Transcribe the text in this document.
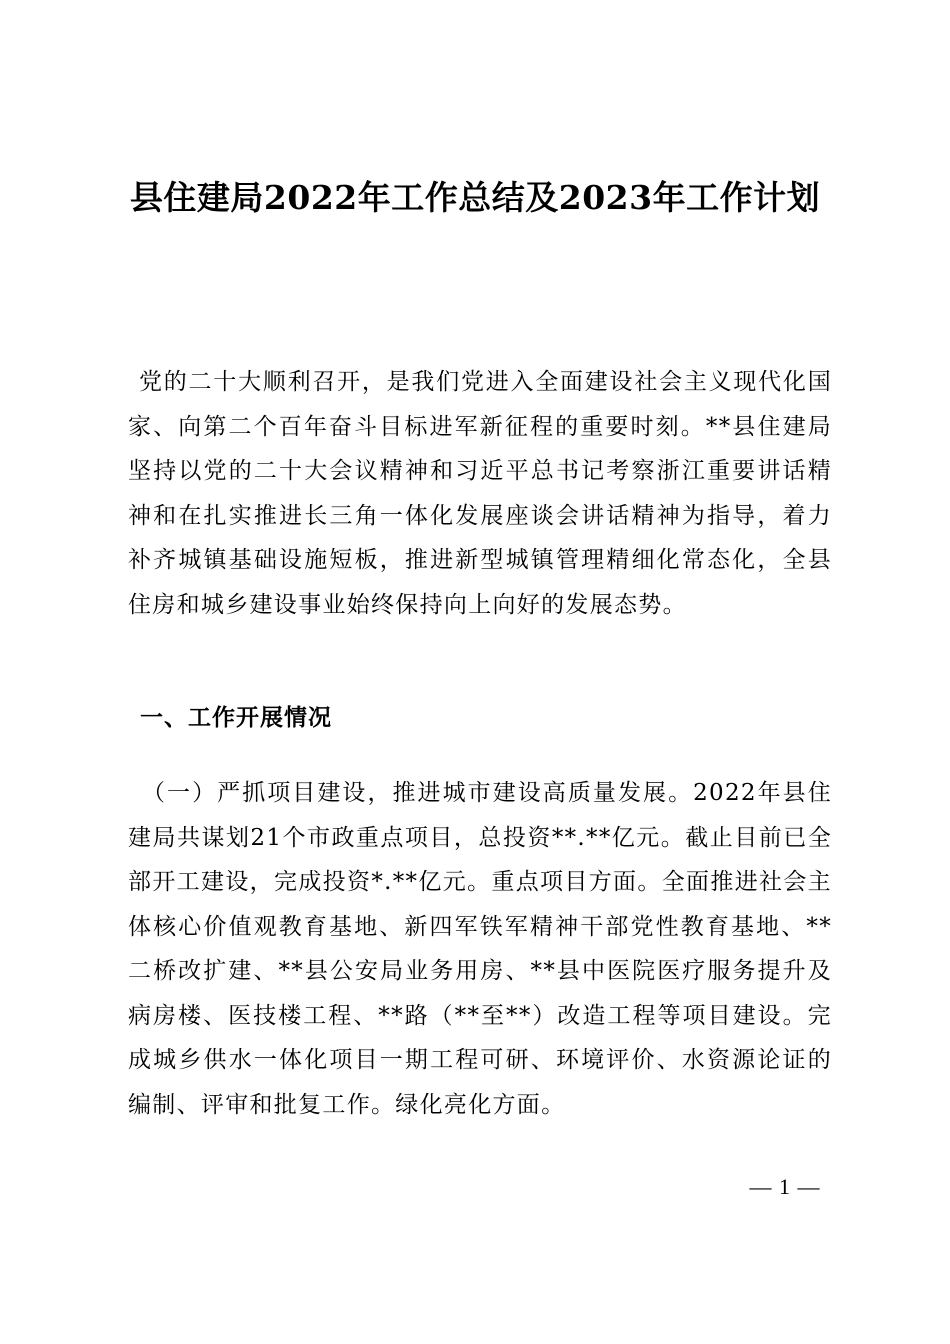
县住建局2022年工作总结及2023年工作计划

党的二十大顺利召开，是我们党进入全面建设社会主义现代化国家、向第二个百年奋斗目标进军新征程的重要时刻。**县住建局坚持以党的二十大会议精神和习近平总书记考察浙江重要讲话精神和在扎实推进长三角一体化发展座谈会讲话精神为指导，着力补齐城镇基础设施短板，推进新型城镇管理精细化常态化，全县住房和城乡建设事业始终保持向上向好的发展态势。

一、工作开展情况

（一）严抓项目建设，推进城市建设高质量发展。2022年县住建局共谋划21个市政重点项目，总投资**.**亿元。截止目前已全部开工建设，完成投资*.**亿元。重点项目方面。全面推进社会主体核心价值观教育基地、新四军铁军精神干部党性教育基地、**二桥改扩建、**县公安局业务用房、**县中医院医疗服务提升及病房楼、医技楼工程、**路（**至**）改造工程等项目建设。完成城乡供水一体化项目一期工程可研、环境评价、水资源论证的编制、评审和批复工作。绿化亮化方面。

— 1 —
